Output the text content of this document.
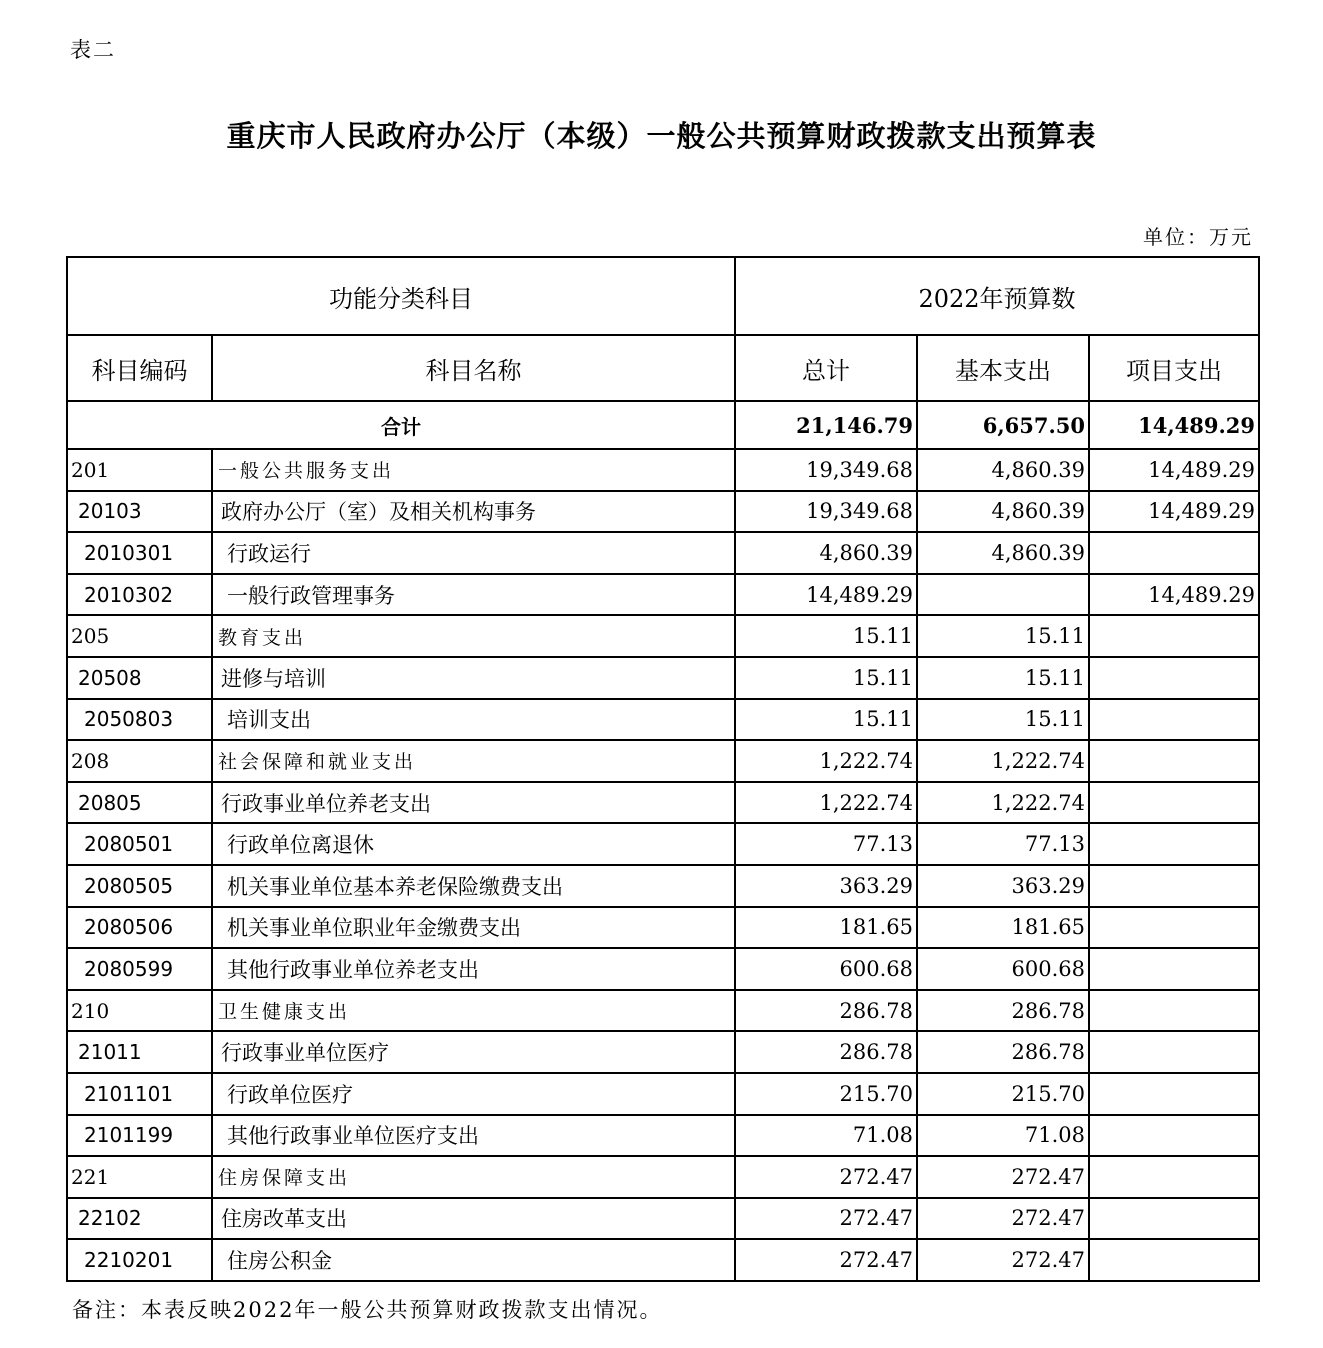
表二
重庆市人民政府办公厅（本级）一般公共预算财政拨款支出预算表
单位：万元
功能分类科目		2022年预算数		
科目编码	科目名称	总计	基本支出	项目支出
合计		21,146.79	6,657.50	14,489.29
201	一般公共服务支出	19,349.68	4,860.39	14,489.29
20103	政府办公厅（室）及相关机构事务	19,349.68	4,860.39	14,489.29
2010301	行政运行	4,860.39	4,860.39	
2010302	一般行政管理事务	14,489.29		14,489.29
205	教育支出	15.11	15.11	
20508	进修与培训	15.11	15.11	
2050803	培训支出	15.11	15.11	
208	社会保障和就业支出	1,222.74	1,222.74	
20805	行政事业单位养老支出	1,222.74	1,222.74	
2080501	行政单位离退休	77.13	77.13	
2080505	机关事业单位基本养老保险缴费支出	363.29	363.29	
2080506	机关事业单位职业年金缴费支出	181.65	181.65	
2080599	其他行政事业单位养老支出	600.68	600.68	
210	卫生健康支出	286.78	286.78	
21011	行政事业单位医疗	286.78	286.78	
2101101	行政单位医疗	215.70	215.70	
2101199	其他行政事业单位医疗支出	71.08	71.08	
221	住房保障支出	272.47	272.47	
22102	住房改革支出	272.47	272.47	
2210201	住房公积金	272.47	272.47	
备注：本表反映2022年一般公共预算财政拨款支出情况。
